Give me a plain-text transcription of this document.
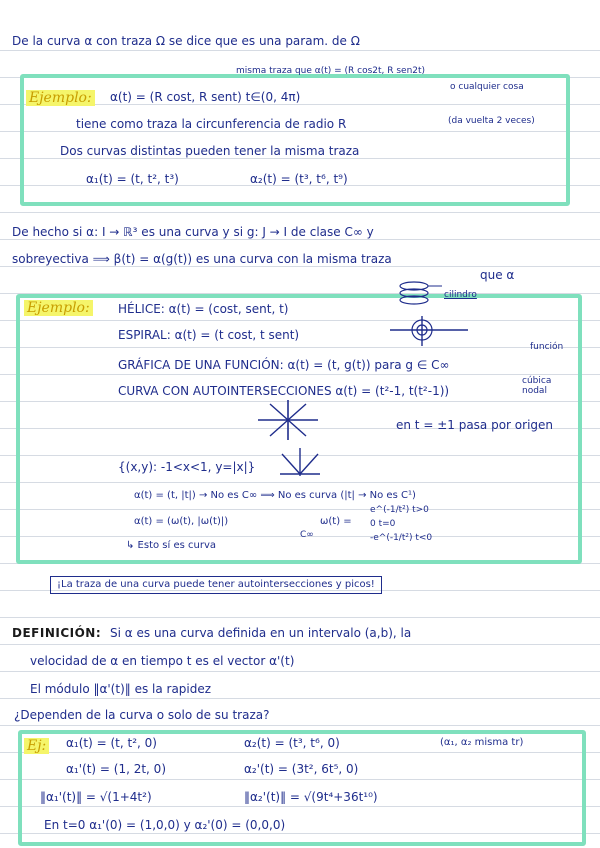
De la curva α con traza Ω se dice que es una param. de Ω
misma traza que α(t) = (R cos2t, R sen2t)
o cualquier cosa
Ejemplo: α(t) = (R cost, R sent) t∈(0, 4π)
tiene como traza la circunferencia de radio R	(da vuelta 2 veces)
Dos curvas distintas pueden tener la misma traza
α₁(t) = (t, t², t³)	α₂(t) = (t³, t⁶, t⁹)
De hecho si α: I → ℝ³ es una curva y si g: J → I de clase C∞ y
sobreyectiva ⟹ β(t) = α(g(t)) es una curva con la misma traza
que α
Ejemplo: HÉLICE: α(t) = (cost, sent, t)
cilindro
ESPIRAL: α(t) = (t cost, t sent)
GRÁFICA DE UNA FUNCIÓN: α(t) = (t, g(t)) para g ∈ C∞
función
CURVA CON AUTOINTERSECCIONES α(t) = (t²-1, t(t²-1))
cúbica nodal
en t = ±1 pasa por origen
{(x,y): -1<x<1, y=|x|}
α(t) = (t, |t|) → No es C∞ ⟹ No es curva (|t| → No es C¹)
α(t) = (ω(t), |ω(t)|)	ω(t) =
e^(-1/t²) t>0
0 t=0
-e^(-1/t²) t<0
↳ Esto sí es curva
C∞
¡La traza de una curva puede tener autointersecciones y picos!
DEFINICIÓN: Si α es una curva definida en un intervalo (a,b), la
velocidad de α en tiempo t es el vector α'(t)
El módulo ‖α'(t)‖ es la rapidez
¿Dependen de la curva o solo de su traza?
Ej: α₁(t) = (t, t², 0)	α₂(t) = (t³, t⁶, 0)	(α₁, α₂ misma tr)
α₁'(t) = (1, 2t, 0)	α₂'(t) = (3t², 6t⁵, 0)
‖α₁'(t)‖ = √(1+4t²)	‖α₂'(t)‖ = √(9t⁴+36t¹⁰)
En t=0 α₁'(0) = (1,0,0) y α₂'(0) = (0,0,0)
